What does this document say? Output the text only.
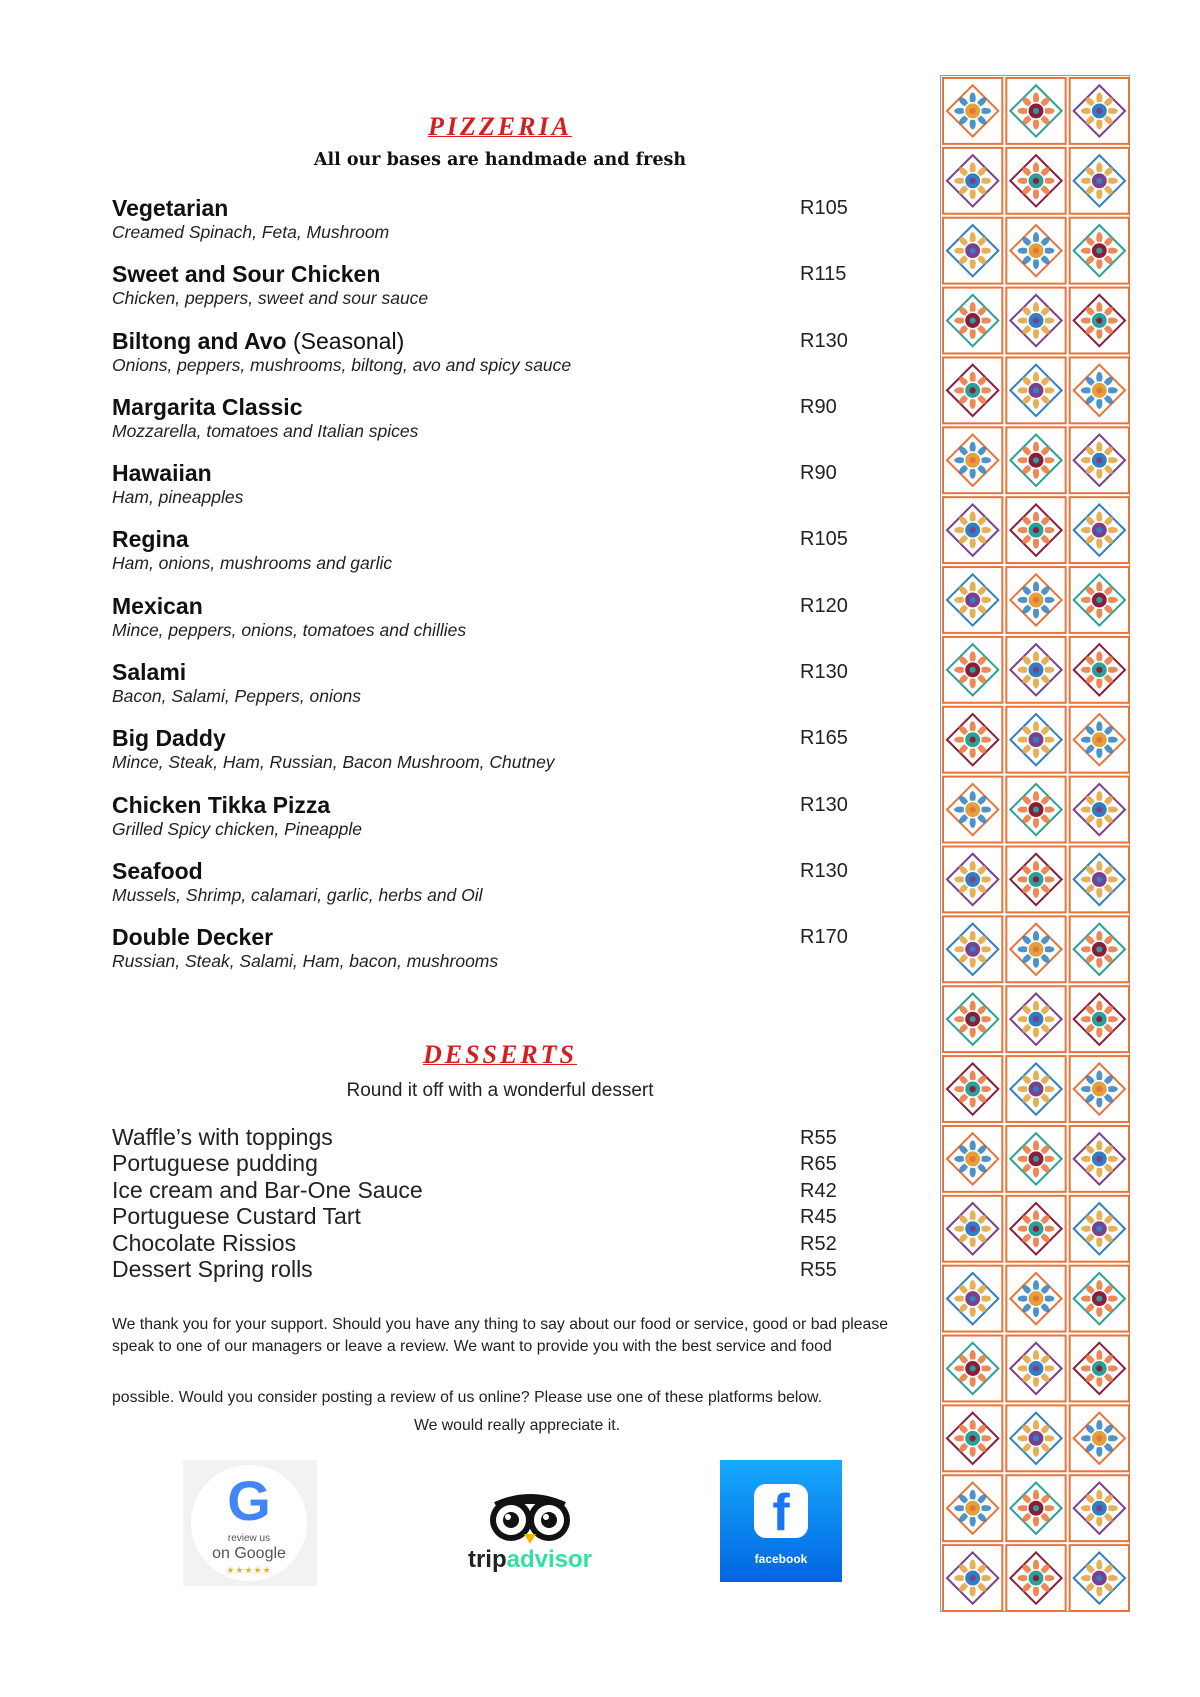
PIZZERIA
All our bases are handmade and fresh
Vegetarian
Creamed Spinach, Feta, Mushroom
R105
Sweet and Sour Chicken
Chicken, peppers, sweet and sour sauce
R115
Biltong and Avo (Seasonal)
Onions, peppers, mushrooms, biltong, avo and spicy sauce
R130
Margarita Classic
Mozzarella, tomatoes and Italian spices
R90
Hawaiian
Ham, pineapples
R90
Regina
Ham, onions, mushrooms and garlic
R105
Mexican
Mince, peppers, onions, tomatoes and chillies
R120
Salami
Bacon, Salami, Peppers, onions
R130
Big Daddy
Mince, Steak, Ham, Russian, Bacon Mushroom, Chutney
R165
Chicken Tikka Pizza
Grilled Spicy chicken, Pineapple
R130
Seafood
Mussels, Shrimp, calamari, garlic, herbs and Oil
R130
Double Decker
Russian, Steak, Salami, Ham, bacon, mushrooms
R170
DESSERTS
Round it off with a wonderful dessert
Waffle’s with toppings	R55
Portuguese pudding	R65
Ice cream and Bar-One Sauce	R42
Portuguese Custard Tart	R45
Chocolate Rissios	R52
Dessert Spring rolls	R55
We thank you for your support. Should you have any thing to say about our food or service, good or bad please speak to one of our managers or leave a review. We want to provide you with the best service and food
possible. Would you consider posting a review of us online? Please use one of these platforms below.
We would really appreciate it.
G
review us
on Google
★★★★★	tripadvisor
f
facebook
